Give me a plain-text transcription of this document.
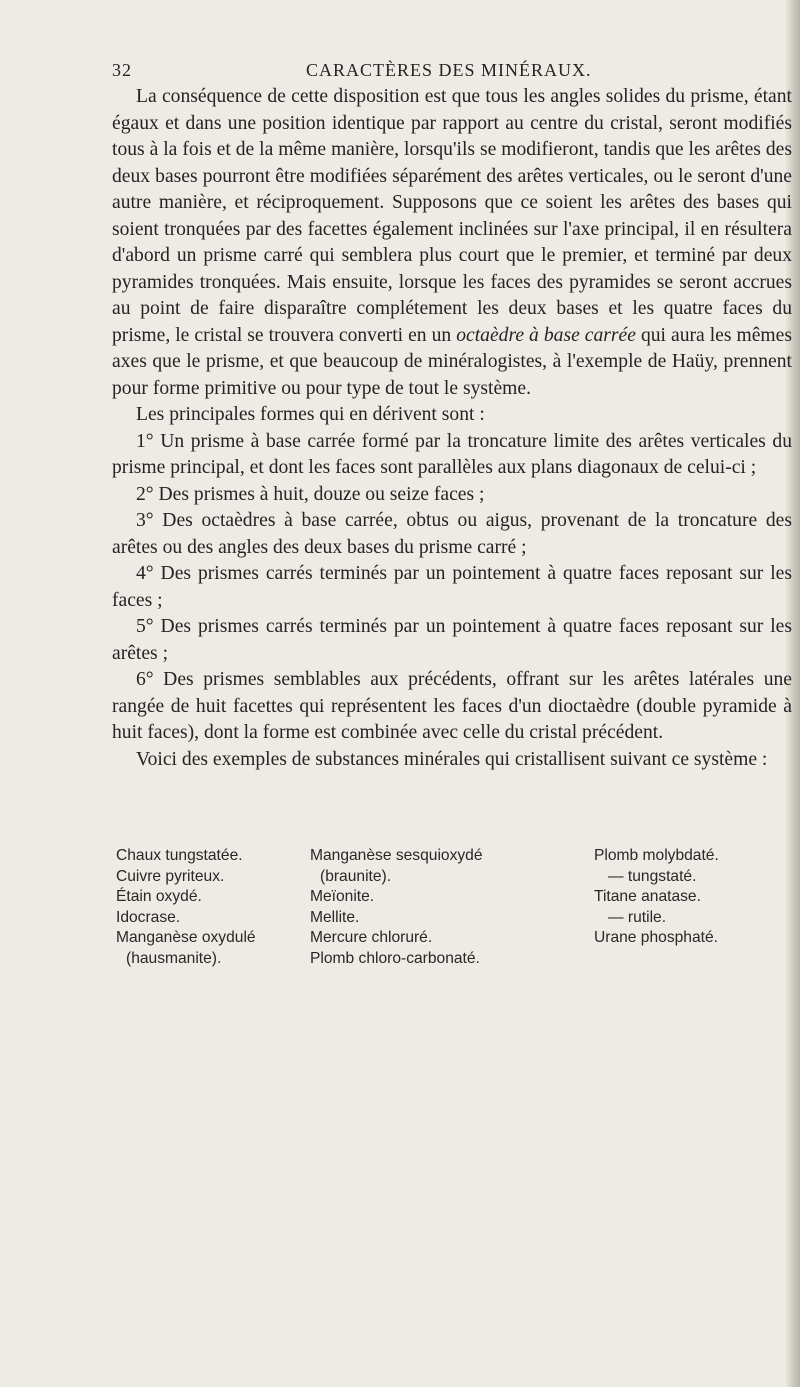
32	CARACTÈRES DES MINÉRAUX.

La conséquence de cette disposition est que tous les angles solides du prisme, étant égaux et dans une position identique par rapport au centre du cristal, seront modifiés tous à la fois et de la même manière, lorsqu'ils se modifieront, tandis que les arêtes des deux bases pourront être modifiées séparément des arêtes verticales, ou le seront d'une autre manière, et réciproquement. Supposons que ce soient les arêtes des bases qui soient tronquées par des facettes également inclinées sur l'axe principal, il en résultera d'abord un prisme carré qui semblera plus court que le premier, et terminé par deux pyramides tronquées. Mais ensuite, lorsque les faces des pyramides se seront accrues au point de faire disparaître complétement les deux bases et les quatre faces du prisme, le cristal se trouvera converti en un octaèdre à base carrée qui aura les mêmes axes que le prisme, et que beaucoup de minéralogistes, à l'exemple de Haüy, prennent pour forme primitive ou pour type de tout le système.

Les principales formes qui en dérivent sont :

1° Un prisme à base carrée formé par la troncature limite des arêtes verticales du prisme principal, et dont les faces sont parallèles aux plans diagonaux de celui-ci ;

2° Des prismes à huit, douze ou seize faces ;

3° Des octaèdres à base carrée, obtus ou aigus, provenant de la troncature des arêtes ou des angles des deux bases du prisme carré ;

4° Des prismes carrés terminés par un pointement à quatre faces reposant sur les faces ;

5° Des prismes carrés terminés par un pointement à quatre faces reposant sur les arêtes ;

6° Des prismes semblables aux précédents, offrant sur les arêtes latérales une rangée de huit facettes qui représentent les faces d'un dioctaèdre (double pyramide à huit faces), dont la forme est combinée avec celle du cristal précédent.

Voici des exemples de substances minérales qui cristallisent suivant ce système :

Chaux tungstatée.
Cuivre pyriteux.
Étain oxydé.
Idocrase.
Manganèse oxydulé
(hausmanite).
Manganèse sesquioxydé
(braunite).
Meïonite.
Mellite.
Mercure chloruré.
Plomb chloro-carbonaté.
Plomb molybdaté.
— tungstaté.
Titane anatase.
— rutile.
Urane phosphaté.
